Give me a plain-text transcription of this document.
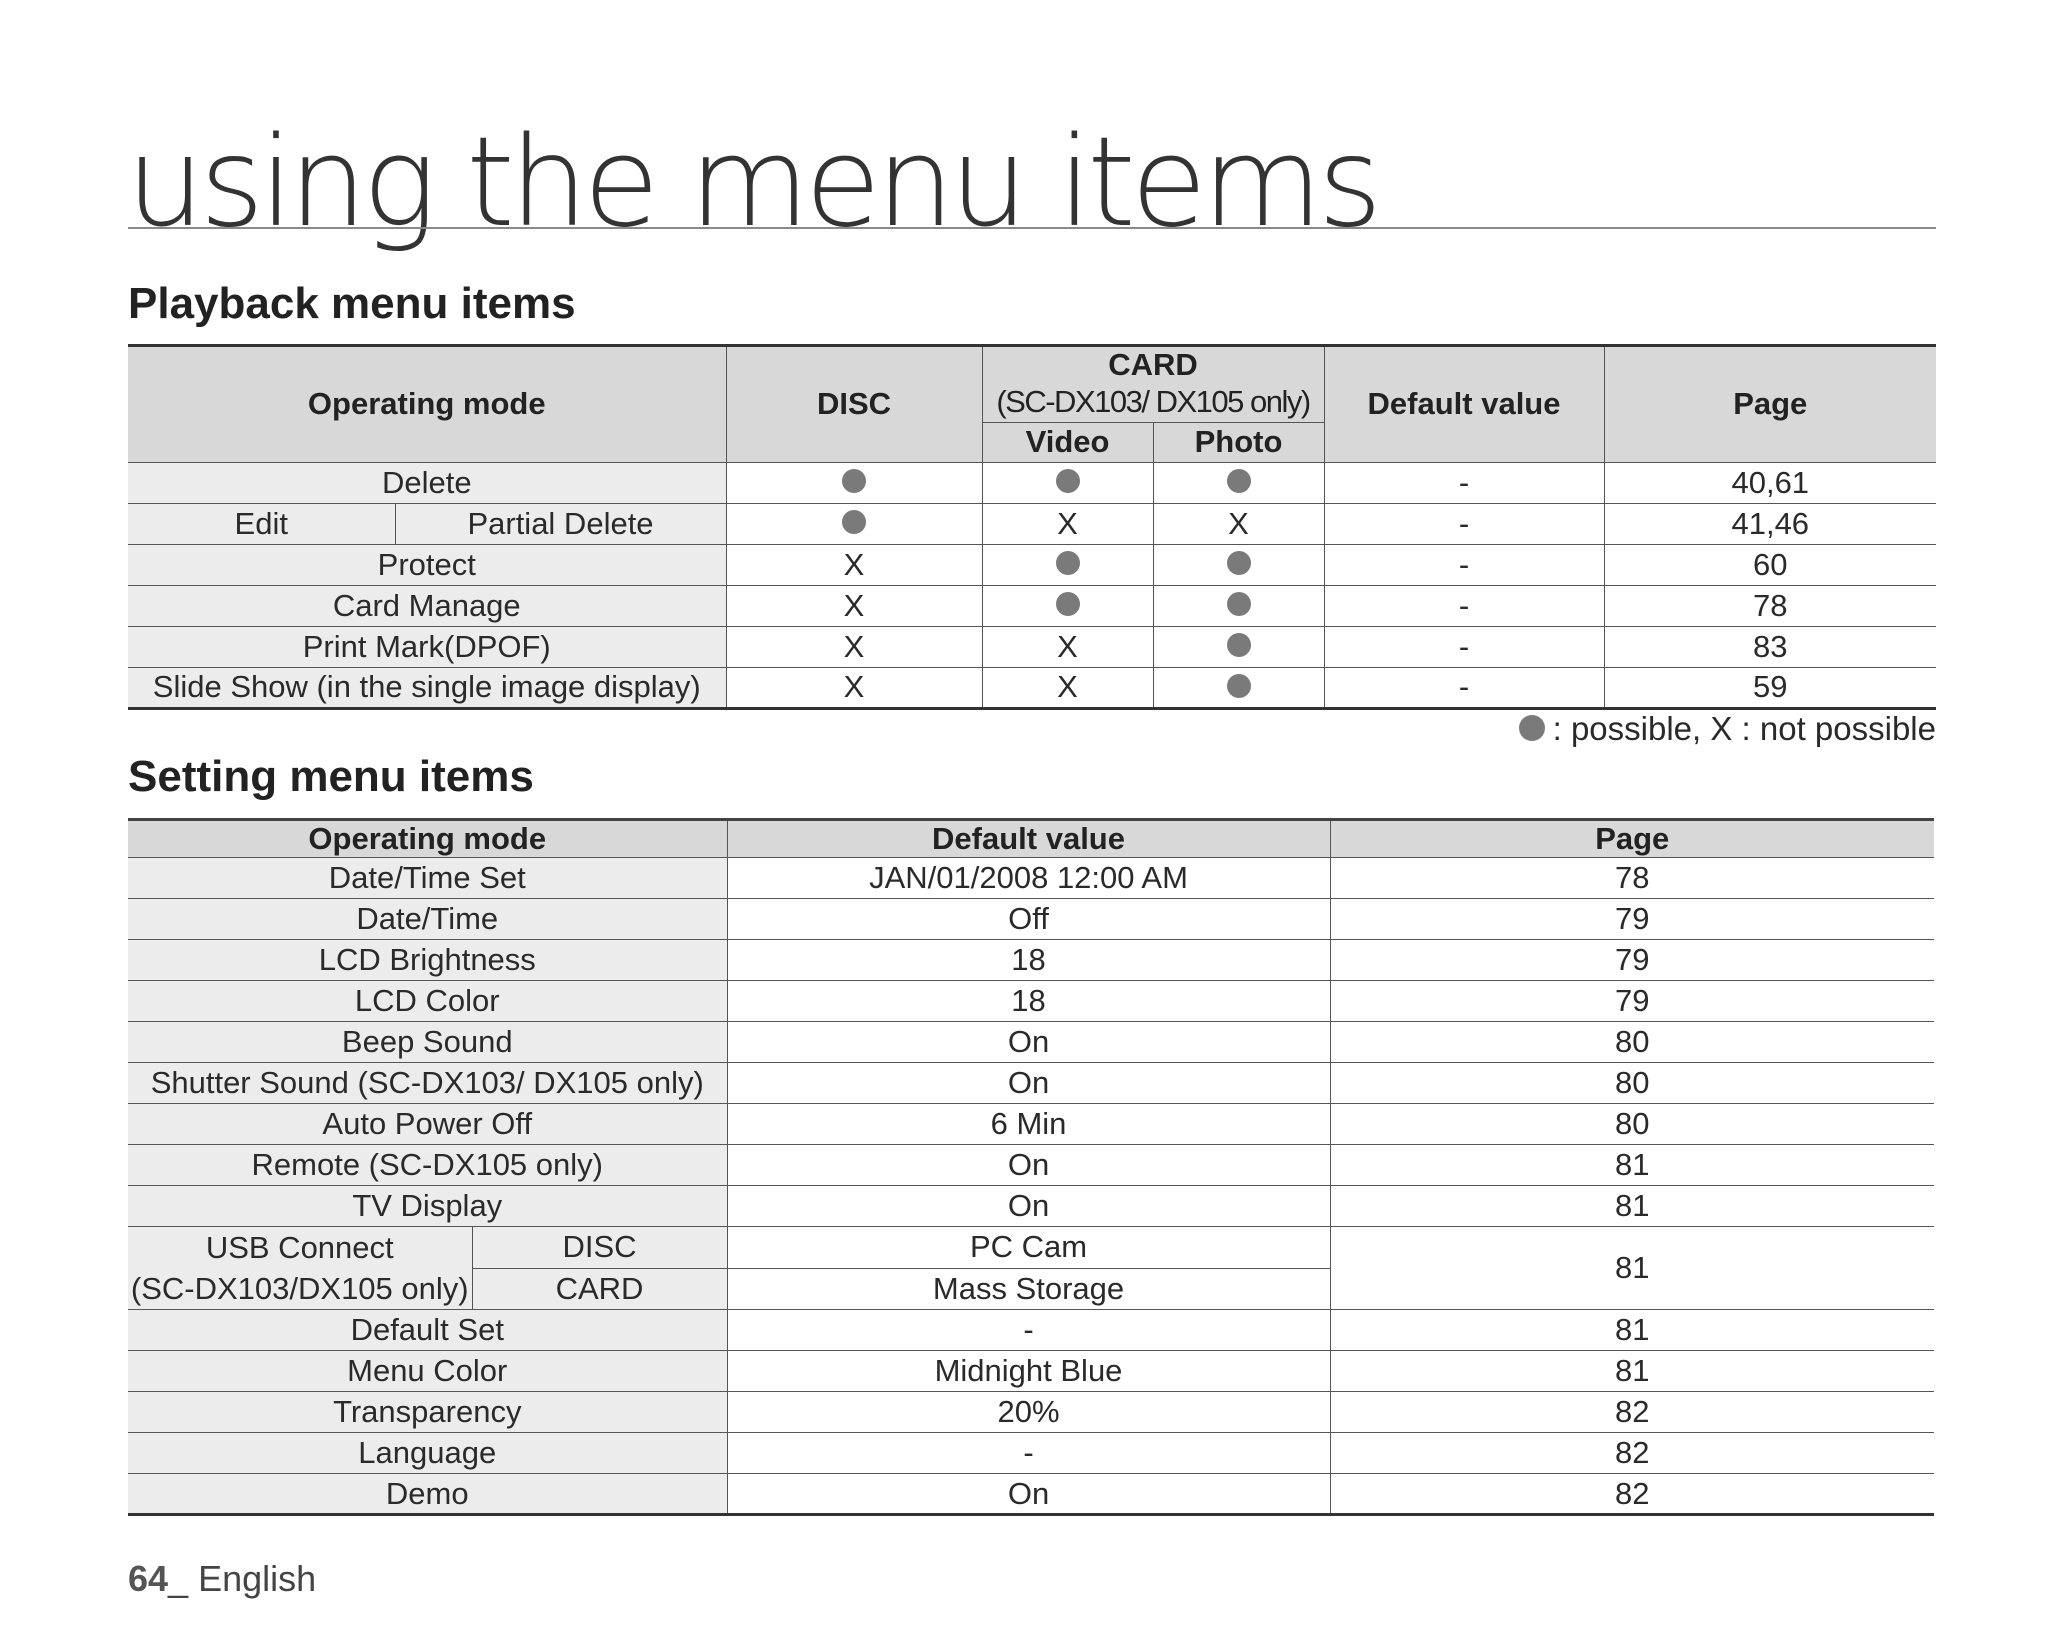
using the menu items
Playback menu items
Operating mode		DISC	CARD		Default value	Page
			(SC-DX103/ DX105 only)			
			Video	Photo		
Delete					-	40,61
Edit	Partial Delete		X	X	-	41,46
Protect		X			-	60
Card Manage		X			-	78
Print Mark(DPOF)		X	X		-	83
Slide Show (in the single image display)		X	X		-	59
: possible, X : not possible
Setting menu items
Operating mode		Default value	Page
Date/Time Set		JAN/01/2008 12:00 AM	78
Date/Time		Off	79
LCD Brightness		18	79
LCD Color		18	79
Beep Sound		On	80
Shutter Sound (SC-DX103/ DX105 only)		On	80
Auto Power Off		6 Min	80
Remote (SC-DX105 only)		On	81
TV Display		On	81

USB Connect
(SC-DX103/DX105 only)	DISC	PC Cam	81
	CARD	Mass Storage	
Default Set		-	81
Menu Color		Midnight Blue	81
Transparency		20%	82
Language		-	82
Demo		On	82
64_ English
